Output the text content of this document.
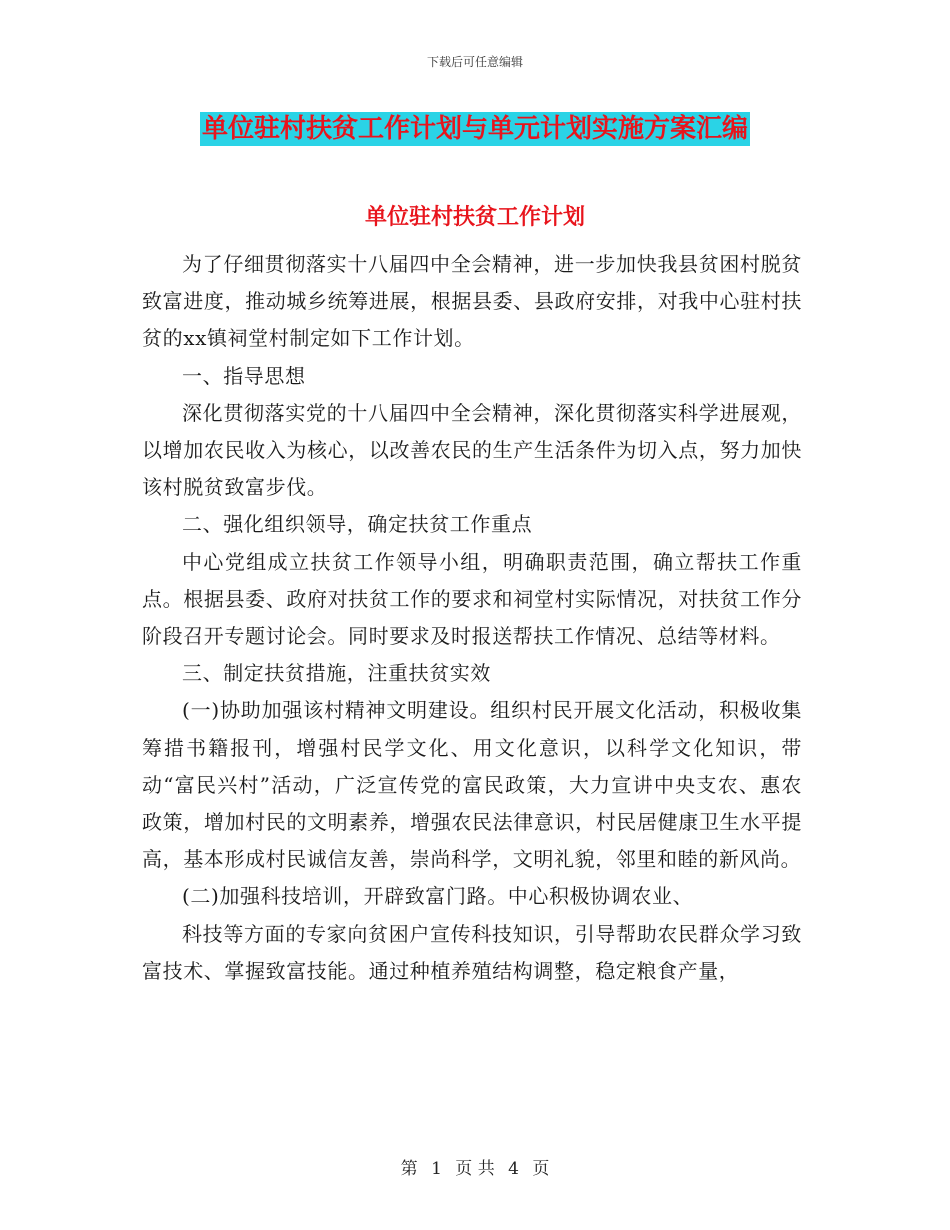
下载后可任意编辑
单位驻村扶贫工作计划与单元计划实施方案汇编
单位驻村扶贫工作计划

为了仔细贯彻落实十八届四中全会精神，进一步加快我县贫困村脱贫致富进度，推动城乡统筹进展，根据县委、县政府安排，对我中心驻村扶贫的xx镇祠堂村制定如下工作计划。

一、指导思想

深化贯彻落实党的十八届四中全会精神，深化贯彻落实科学进展观，以增加农民收入为核心，以改善农民的生产生活条件为切入点，努力加快该村脱贫致富步伐。

二、强化组织领导，确定扶贫工作重点

中心党组成立扶贫工作领导小组，明确职责范围，确立帮扶工作重点。根据县委、政府对扶贫工作的要求和祠堂村实际情况，对扶贫工作分阶段召开专题讨论会。同时要求及时报送帮扶工作情况、总结等材料。

三、制定扶贫措施，注重扶贫实效

(一)协助加强该村精神文明建设。组织村民开展文化活动，积极收集筹措书籍报刊，增强村民学文化、用文化意识，以科学文化知识，带动“富民兴村”活动，广泛宣传党的富民政策，大力宣讲中央支农、惠农政策，增加村民的文明素养，增强农民法律意识，村民居健康卫生水平提高，基本形成村民诚信友善，崇尚科学，文明礼貌，邻里和睦的新风尚。

(二)加强科技培训，开辟致富门路。中心积极协调农业、

科技等方面的专家向贫困户宣传科技知识，引导帮助农民群众学习致富技术、掌握致富技能。通过种植养殖结构调整，稳定粮食产量，

第 1 页 共 4 页
